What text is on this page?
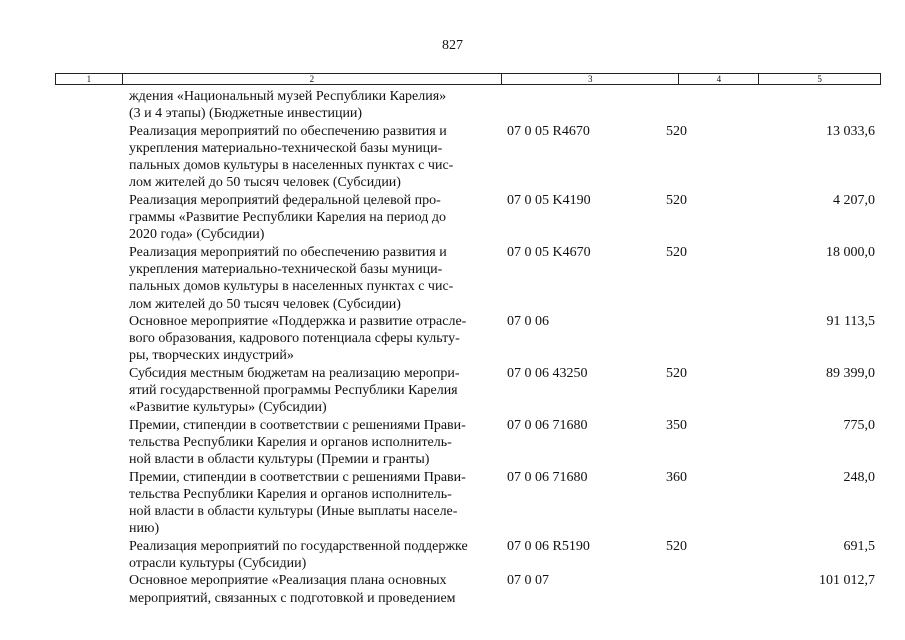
827
1	2	3	4	5
ждения «Национальный музей Республики Карелия»
(3 и 4 этапы) (Бюджетные инвестиции)
Реализация мероприятий по обеспечению развития и
укрепления материально-технической базы муници-
пальных домов культуры в населенных пунктах с чис-
лом жителей до 50 тысяч человек (Субсидии)
07 0 05 R4670	520	13 033,6
Реализация мероприятий федеральной целевой про-
граммы «Развитие Республики Карелия на период до
2020 года» (Субсидии)
07 0 05 K4190	520	4 207,0
Реализация мероприятий по обеспечению развития и
укрепления материально-технической базы муници-
пальных домов культуры в населенных пунктах с чис-
лом жителей до 50 тысяч человек (Субсидии)
07 0 05 K4670	520	18 000,0
Основное мероприятие «Поддержка и развитие отрасле-
вого образования, кадрового потенциала сферы культу-
ры, творческих индустрий»
07 0 06	91 113,5
Субсидия местным бюджетам на реализацию меропри-
ятий государственной программы Республики Карелия
«Развитие культуры» (Субсидии)
07 0 06 43250	520	89 399,0
Премии, стипендии в соответствии с решениями Прави-
тельства Республики Карелия и органов исполнитель-
ной власти в области культуры (Премии и гранты)
07 0 06 71680	350	775,0
Премии, стипендии в соответствии с решениями Прави-
тельства Республики Карелия и органов исполнитель-
ной власти в области культуры (Иные выплаты населе-
нию)
07 0 06 71680	360	248,0
Реализация мероприятий по государственной поддержке
отрасли культуры (Субсидии)
07 0 06 R5190	520	691,5
Основное мероприятие «Реализация плана основных
мероприятий, связанных с подготовкой и проведением
07 0 07	101 012,7
